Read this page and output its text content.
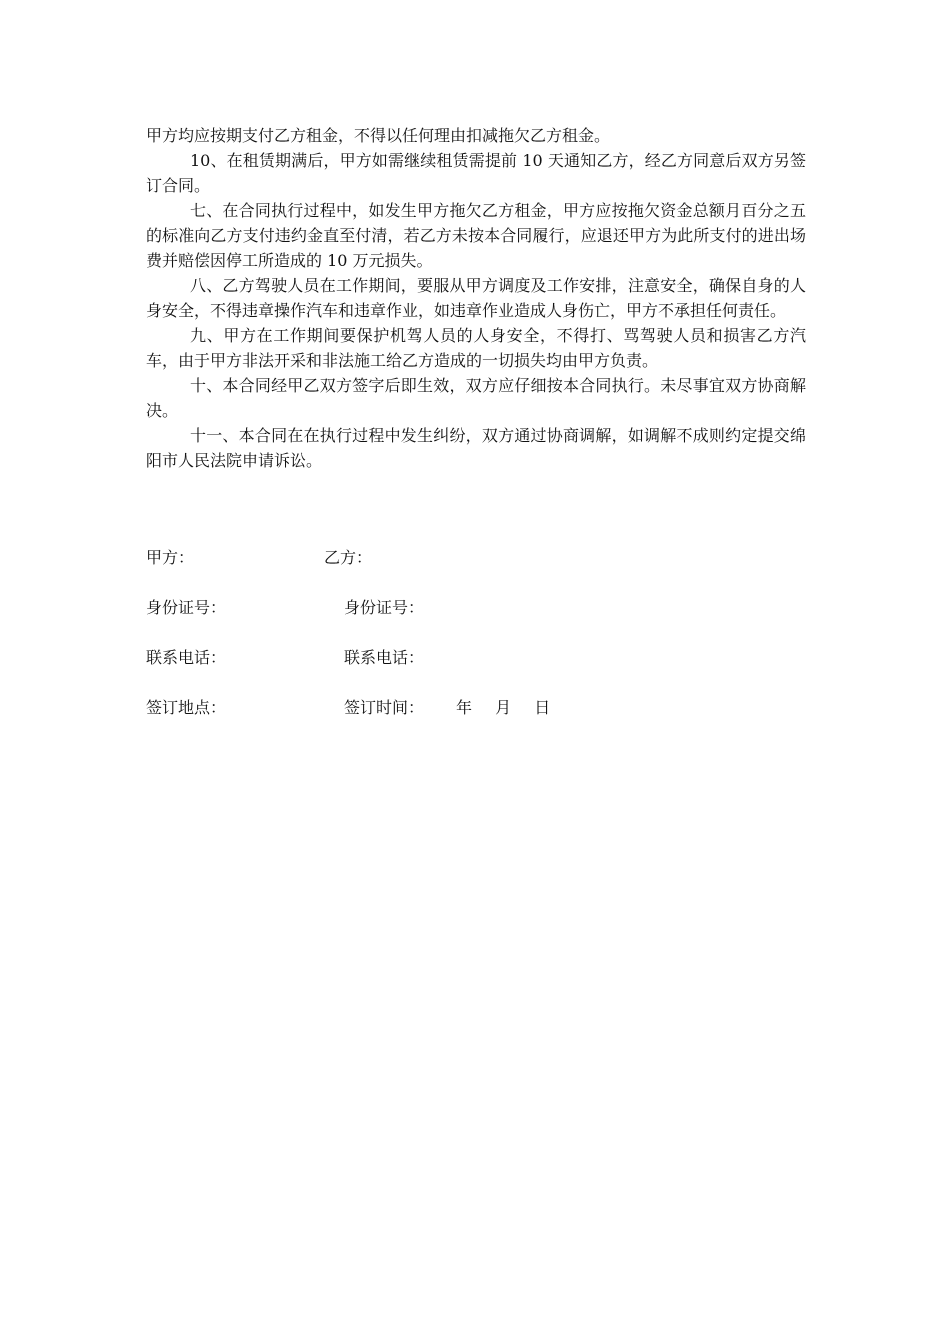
甲方均应按期支付乙方租金，不得以任何理由扣减拖欠乙方租金。

10、在租赁期满后，甲方如需继续租赁需提前 10 天通知乙方，经乙方同意后双方另签订合同。

七、在合同执行过程中，如发生甲方拖欠乙方租金，甲方应按拖欠资金总额月百分之五的标准向乙方支付违约金直至付清，若乙方未按本合同履行，应退还甲方为此所支付的进出场费并赔偿因停工所造成的 10 万元损失。

八、乙方驾驶人员在工作期间，要服从甲方调度及工作安排，注意安全，确保自身的人身安全，不得违章操作汽车和违章作业，如违章作业造成人身伤亡，甲方不承担任何责任。

九、甲方在工作期间要保护机驾人员的人身安全，不得打、骂驾驶人员和损害乙方汽车，由于甲方非法开采和非法施工给乙方造成的一切损失均由甲方负责。

十、本合同经甲乙双方签字后即生效，双方应仔细按本合同执行。未尽事宜双方协商解决。

十一、本合同在在执行过程中发生纠纷，双方通过协商调解，如调解不成则约定提交绵阳市人民法院申请诉讼。

甲方：	乙方：
身份证号：	身份证号：
联系电话：	联系电话：
签订地点：	签订时间： 年 月 日
